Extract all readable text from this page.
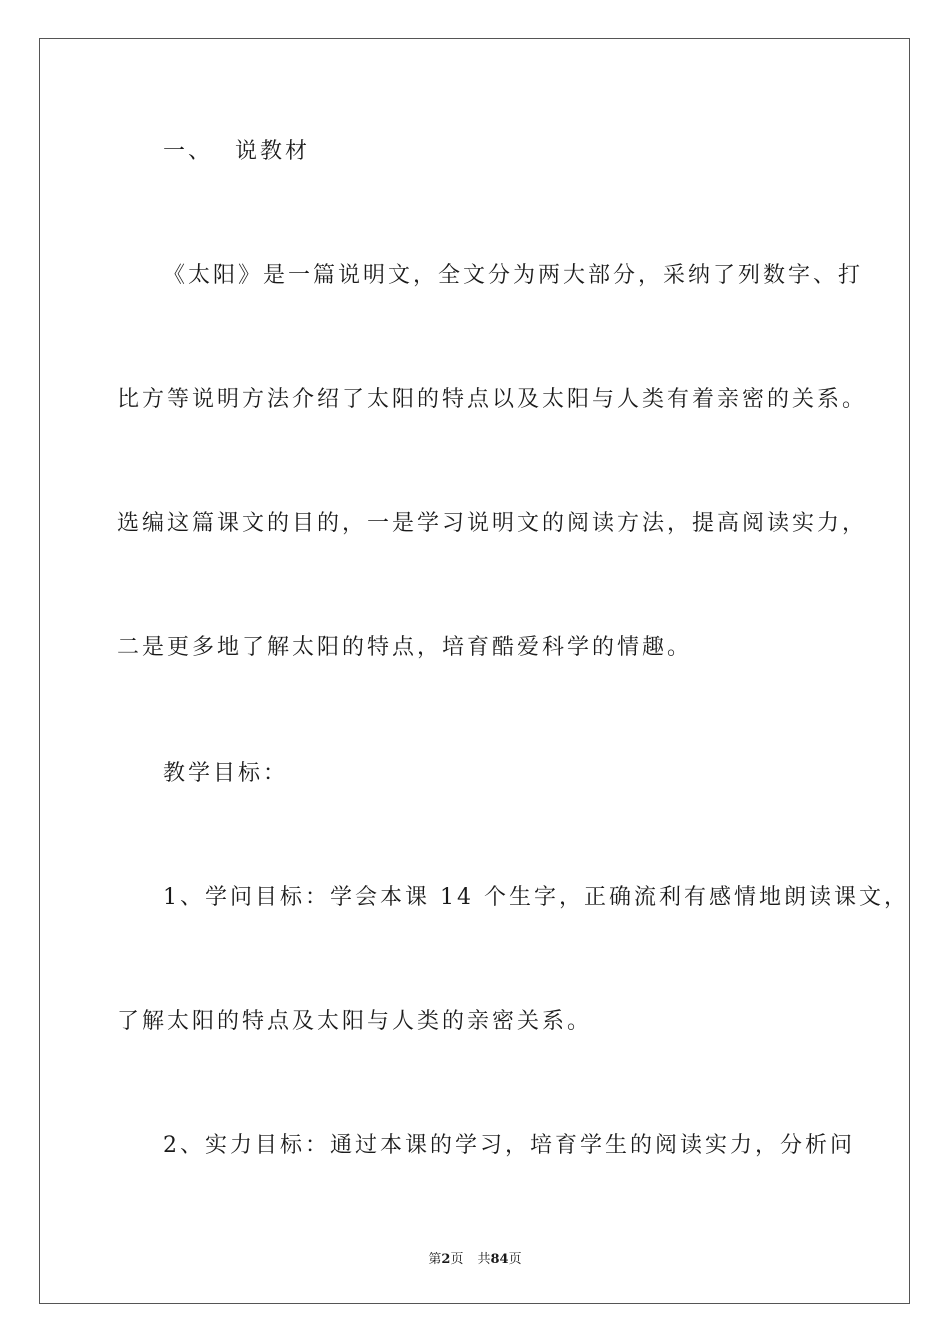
一、 说教材
《太阳》是一篇说明文，全文分为两大部分，采纳了列数字、打
比方等说明方法介绍了太阳的特点以及太阳与人类有着亲密的关系。
选编这篇课文的目的，一是学习说明文的阅读方法，提高阅读实力，
二是更多地了解太阳的特点，培育酷爱科学的情趣。
教学目标：
1、学问目标：学会本课 14 个生字，正确流利有感情地朗读课文，
了解太阳的特点及太阳与人类的亲密关系。
2、实力目标：通过本课的学习，培育学生的阅读实力，分析问
第2页 共84页
